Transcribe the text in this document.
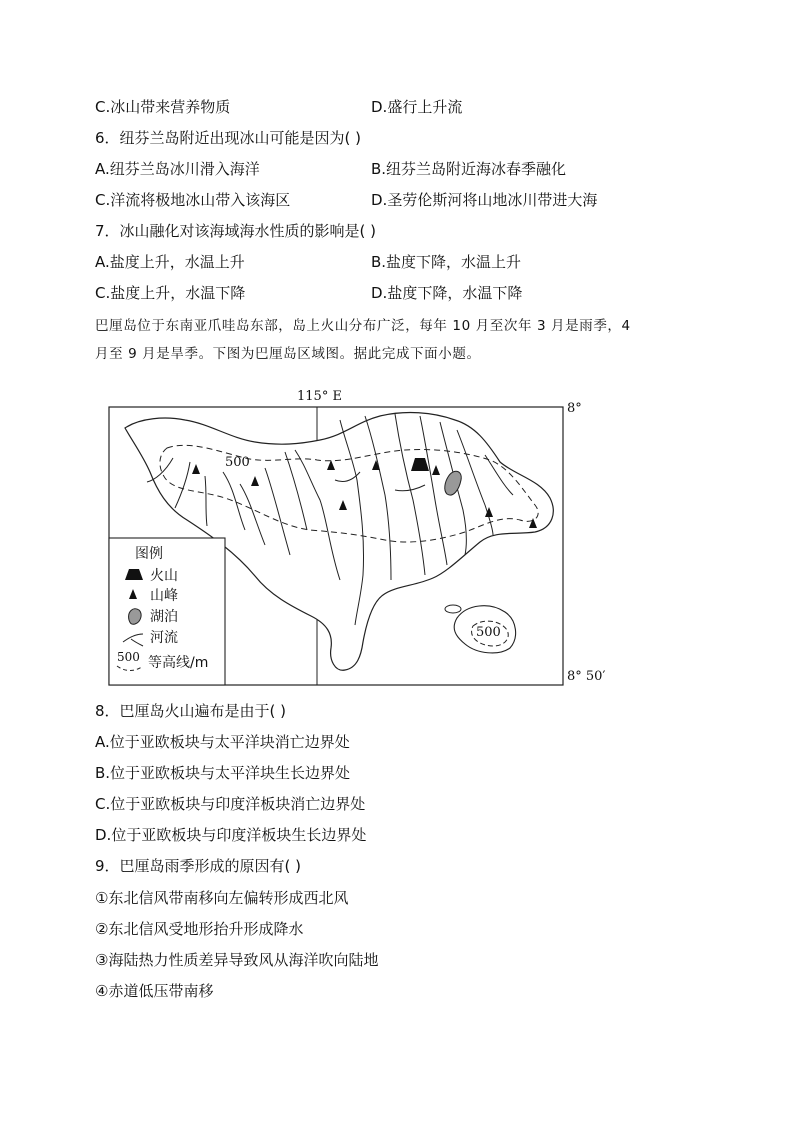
C.冰山带来营养物质	D.盛行上升流
6．纽芬兰岛附近出现冰山可能是因为( )
A.纽芬兰岛冰川滑入海洋	B.纽芬兰岛附近海冰春季融化
C.洋流将极地冰山带入该海区	D.圣劳伦斯河将山地冰川带进大海
7．冰山融化对该海域海水性质的影响是( )
A.盐度上升，水温上升	B.盐度下降，水温上升
C.盐度上升，水温下降	D.盐度下降，水温下降
巴厘岛位于东南亚爪哇岛东部，岛上火山分布广泛，每年 10 月至次年 3 月是雨季，4
月至 9 月是旱季。下图为巴厘岛区域图。据此完成下面小题。
115° E
8°
8° 50′
500
500
图例
火山
山峰
湖泊
河流
500 等高线/m
8．巴厘岛火山遍布是由于( )
A.位于亚欧板块与太平洋块消亡边界处
B.位于亚欧板块与太平洋块生长边界处
C.位于亚欧板块与印度洋板块消亡边界处
D.位于亚欧板块与印度洋板块生长边界处
9．巴厘岛雨季形成的原因有( )
①东北信风带南移向左偏转形成西北风
②东北信风受地形抬升形成降水
③海陆热力性质差异导致风从海洋吹向陆地
④赤道低压带南移
